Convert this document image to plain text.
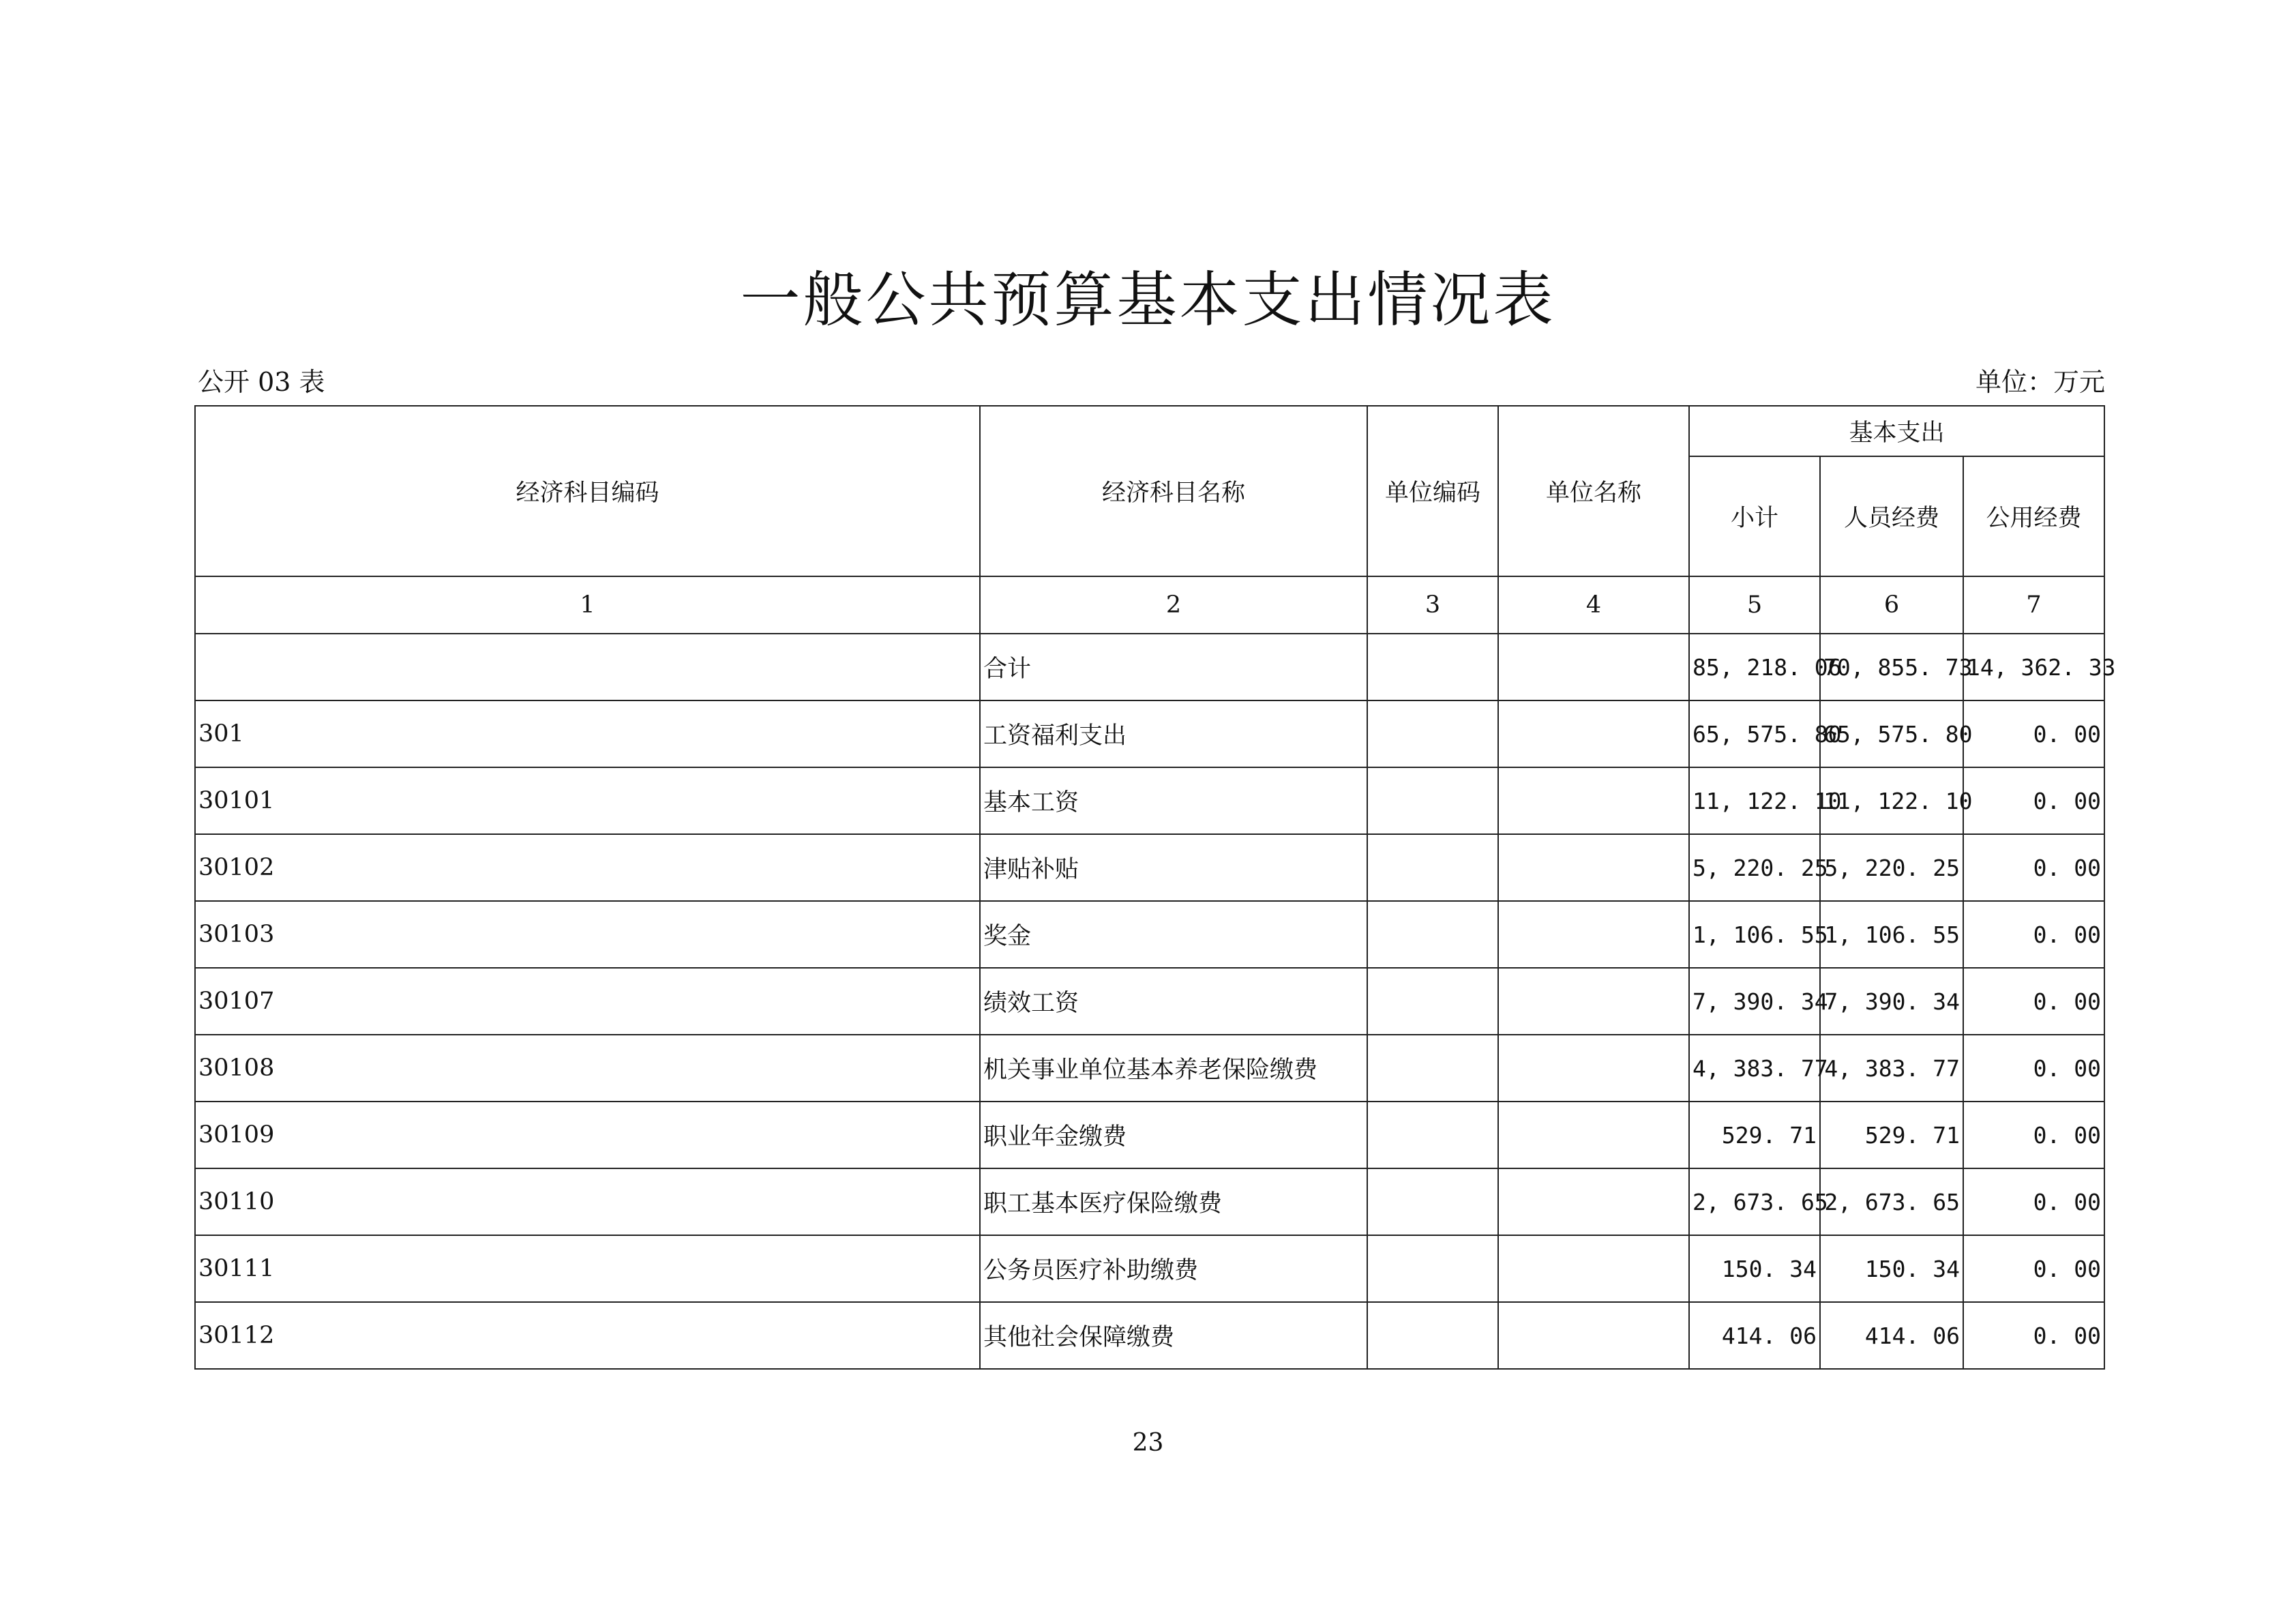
一般公共预算基本支出情况表
公开 03 表	单位：万元
经济科目编码	经济科目名称	单位编码	单位名称	基本支出		
				小计	人员经费	公用经费
1	2	3	4	5	6	7
	合计			85, 218. 06	70, 855. 73	14, 362. 33
301	工资福利支出			65, 575. 80	65, 575. 80	0. 00
30101	基本工资			11, 122. 10	11, 122. 10	0. 00
30102	津贴补贴			5, 220. 25	5, 220. 25	0. 00
30103	奖金			1, 106. 55	1, 106. 55	0. 00
30107	绩效工资			7, 390. 34	7, 390. 34	0. 00
30108	机关事业单位基本养老保险缴费			4, 383. 77	4, 383. 77	0. 00
30109	职业年金缴费			529. 71	529. 71	0. 00
30110	职工基本医疗保险缴费			2, 673. 65	2, 673. 65	0. 00
30111	公务员医疗补助缴费			150. 34	150. 34	0. 00
30112	其他社会保障缴费			414. 06	414. 06	0. 00
23
